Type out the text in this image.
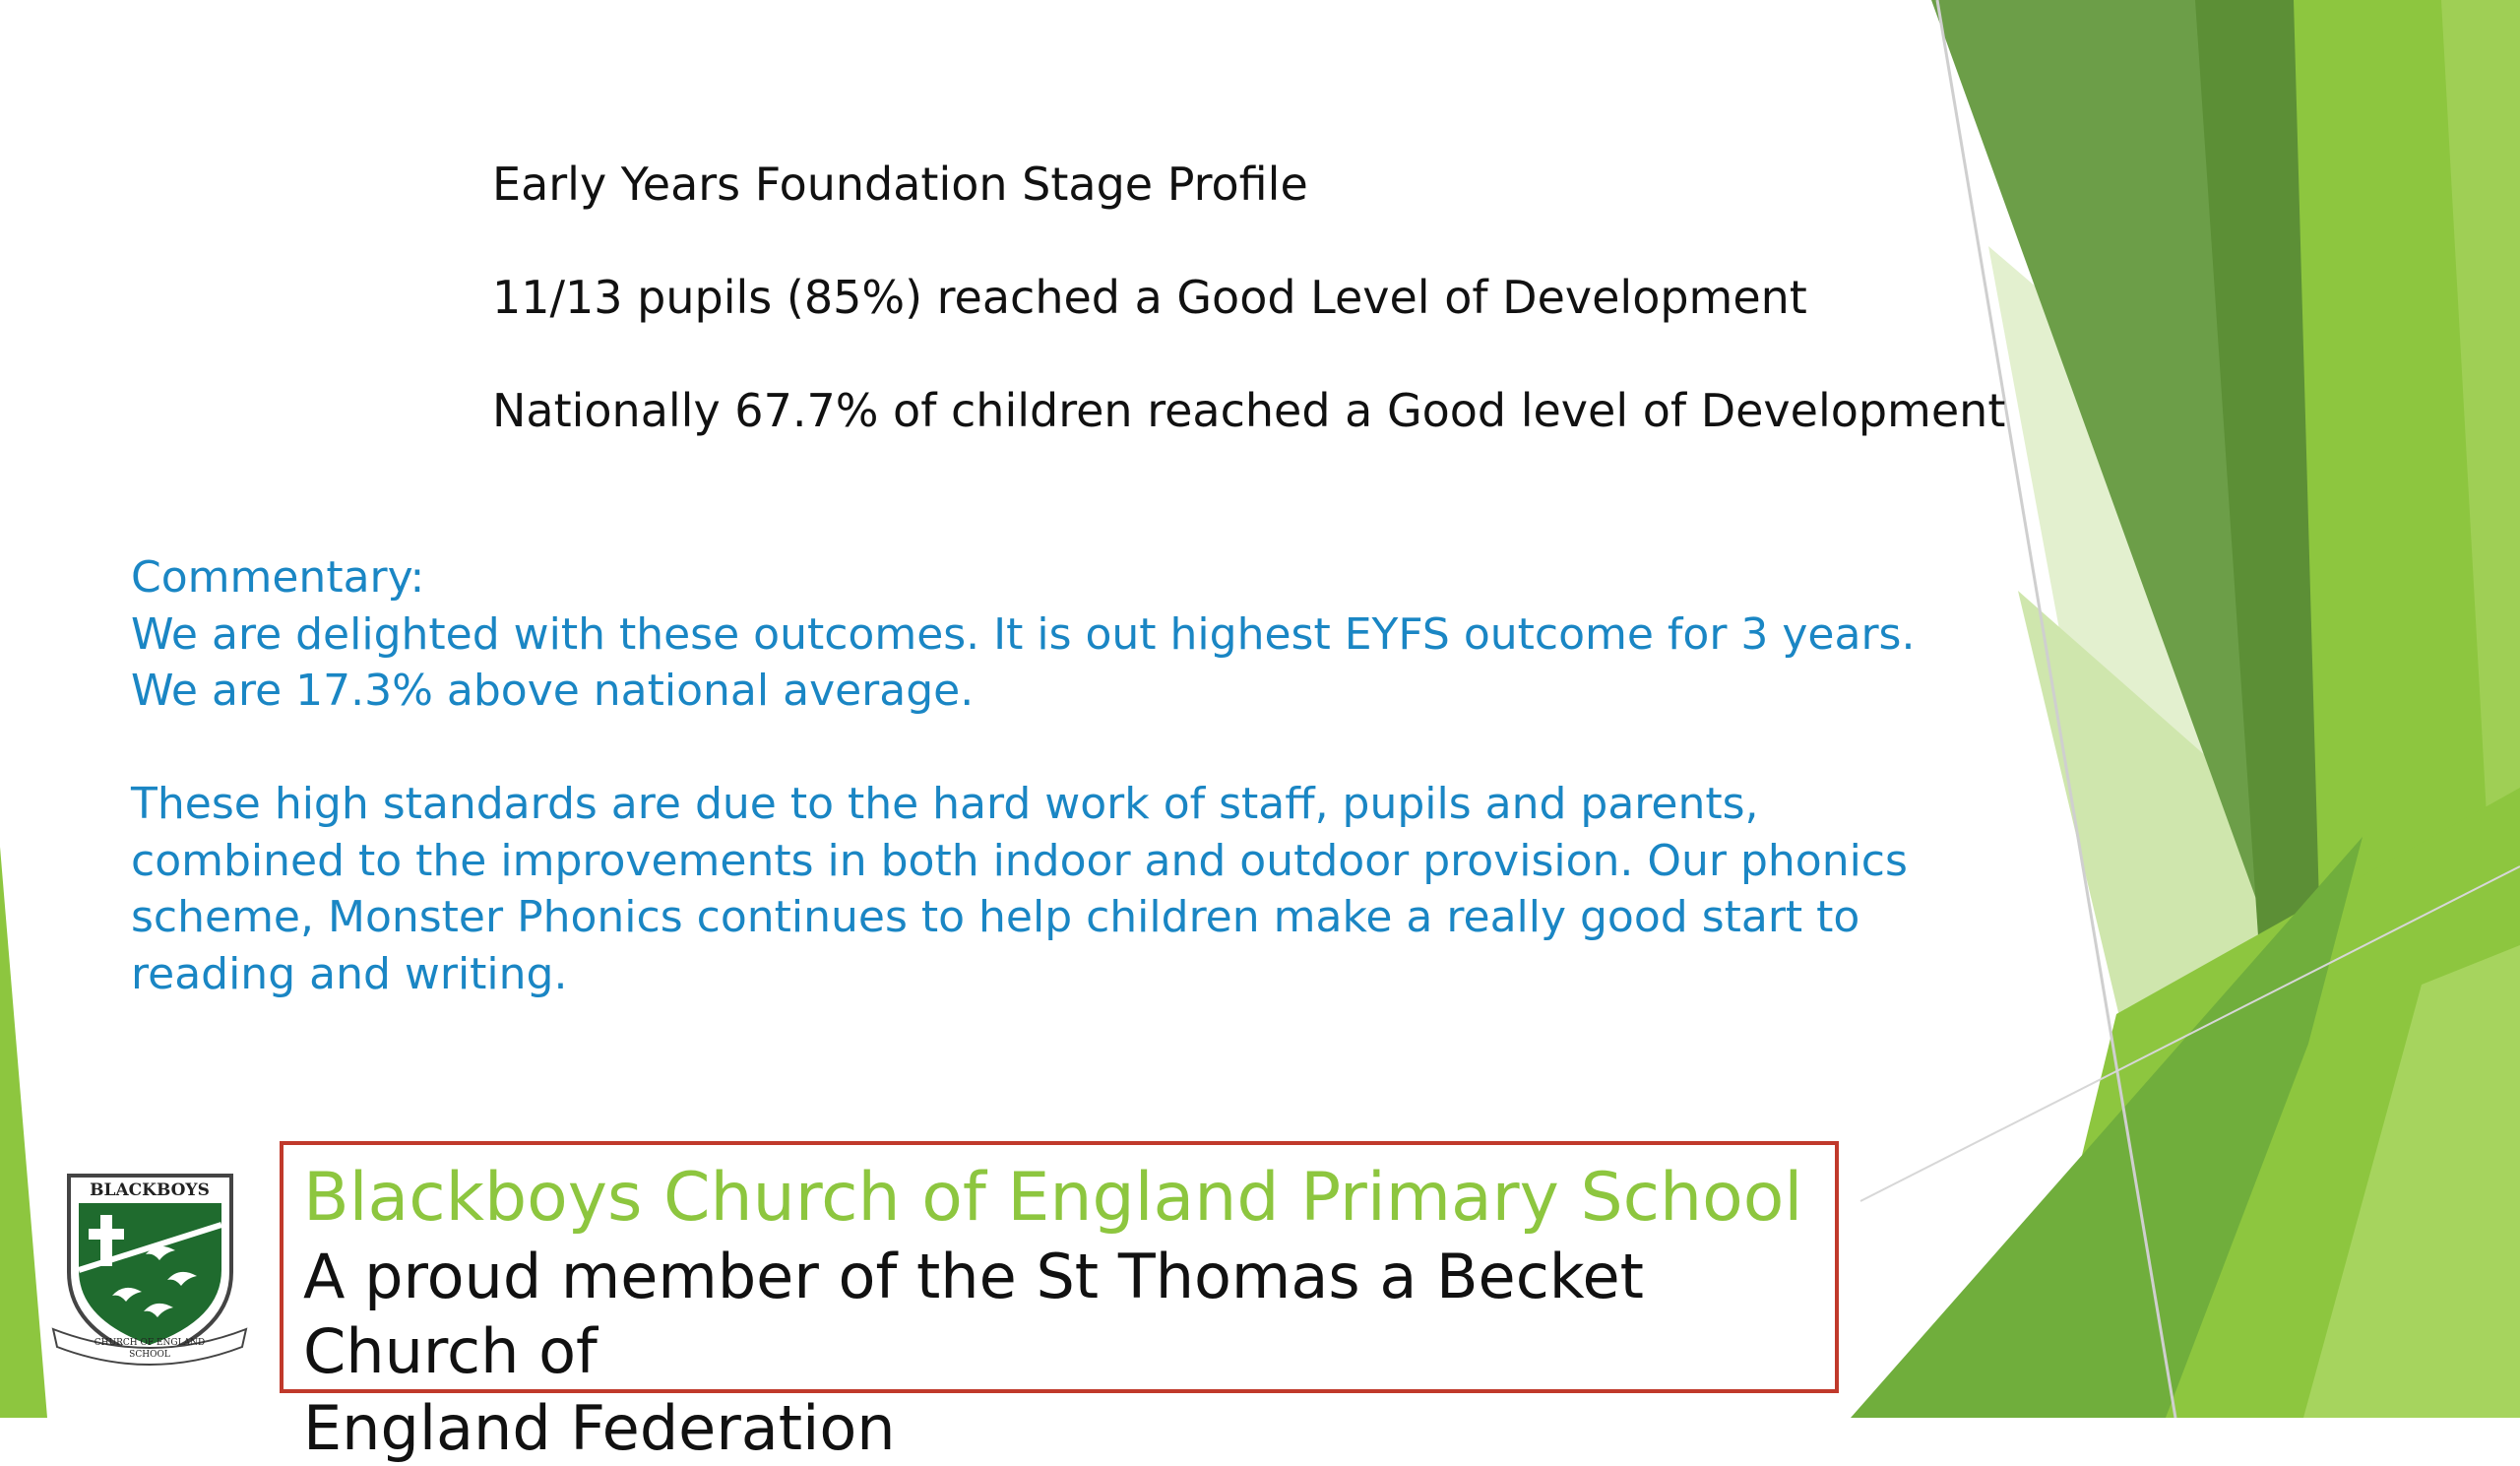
Early Years Foundation Stage Profile

11/13 pupils (85%) reached a Good Level of Development

Nationally 67.7% of children reached a Good level of Development

Commentary:

We are delighted with these outcomes. It is out highest EYFS outcome for 3 years.

We are 17.3% above national average.

These high standards are due to the hard work of staff, pupils and parents,

combined to the improvements in both indoor and outdoor provision. Our phonics

scheme, Monster Phonics continues to help children make a really good start to

reading and writing.

BLACKBOYS
CHURCH OF ENGLAND
SCHOOL
Blackboys Church of England Primary School
A proud member of the St Thomas a Becket Church of
England Federation
